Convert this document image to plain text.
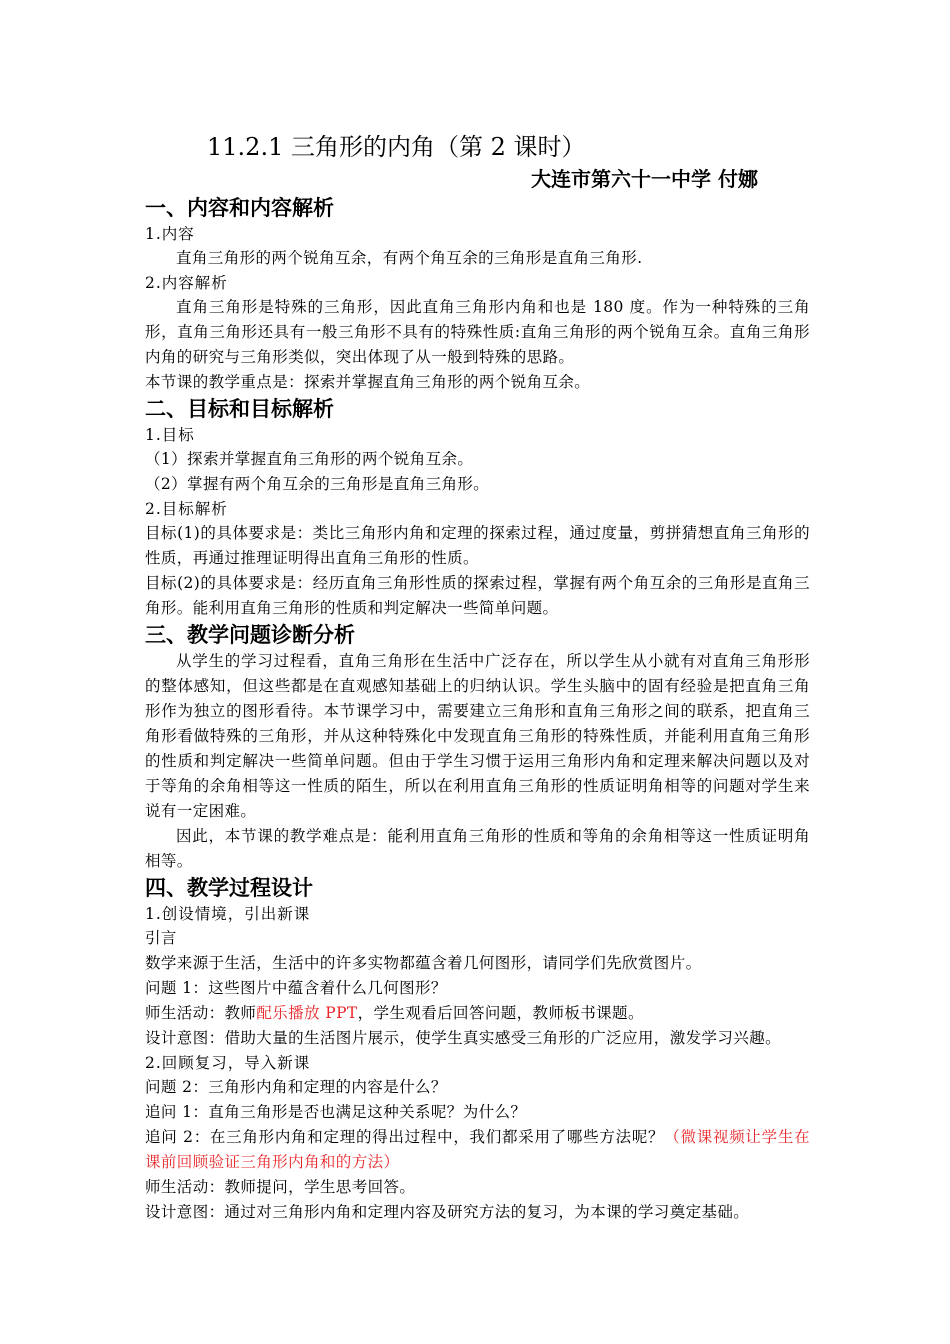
11.2.1 三角形的内角（第 2 课时）

大连市第六十一中学 付娜

一、内容和内容解析

1.内容

直角三角形的两个锐角互余，有两个角互余的三角形是直角三角形.

2.内容解析

直角三角形是特殊的三角形，因此直角三角形内角和也是 180 度。作为一种特殊的三角形，直角三角形还具有一般三角形不具有的特殊性质:直角三角形的两个锐角互余。直角三角形内角的研究与三角形类似，突出体现了从一般到特殊的思路。

本节课的教学重点是：探索并掌握直角三角形的两个锐角互余。

二、目标和目标解析

1.目标

（1）探索并掌握直角三角形的两个锐角互余。

（2）掌握有两个角互余的三角形是直角三角形。

2.目标解析

目标(1)的具体要求是：类比三角形内角和定理的探索过程，通过度量，剪拼猜想直角三角形的性质，再通过推理证明得出直角三角形的性质。

目标(2)的具体要求是：经历直角三角形性质的探索过程，掌握有两个角互余的三角形是直角三角形。能利用直角三角形的性质和判定解决一些简单问题。

三、教学问题诊断分析

从学生的学习过程看，直角三角形在生活中广泛存在，所以学生从小就有对直角三角形形的整体感知，但这些都是在直观感知基础上的归纳认识。学生头脑中的固有经验是把直角三角形作为独立的图形看待。本节课学习中，需要建立三角形和直角三角形之间的联系，把直角三角形看做特殊的三角形，并从这种特殊化中发现直角三角形的特殊性质，并能利用直角三角形的性质和判定解决一些简单问题。但由于学生习惯于运用三角形内角和定理来解决问题以及对于等角的余角相等这一性质的陌生，所以在利用直角三角形的性质证明角相等的问题对学生来说有一定困难。

因此，本节课的教学难点是：能利用直角三角形的性质和等角的余角相等这一性质证明角相等。

四、教学过程设计

1.创设情境，引出新课

引言

数学来源于生活，生活中的许多实物都蕴含着几何图形，请同学们先欣赏图片。

问题 1：这些图片中蕴含着什么几何图形？

师生活动：教师配乐播放 PPT，学生观看后回答问题，教师板书课题。

设计意图：借助大量的生活图片展示，使学生真实感受三角形的广泛应用，激发学习兴趣。

2.回顾复习，导入新课

问题 2：三角形内角和定理的内容是什么？

追问 1：直角三角形是否也满足这种关系呢？为什么？

追问 2：在三角形内角和定理的得出过程中，我们都采用了哪些方法呢？（微课视频让学生在课前回顾验证三角形内角和的方法）

师生活动：教师提问，学生思考回答。

设计意图：通过对三角形内角和定理内容及研究方法的复习，为本课的学习奠定基础。
